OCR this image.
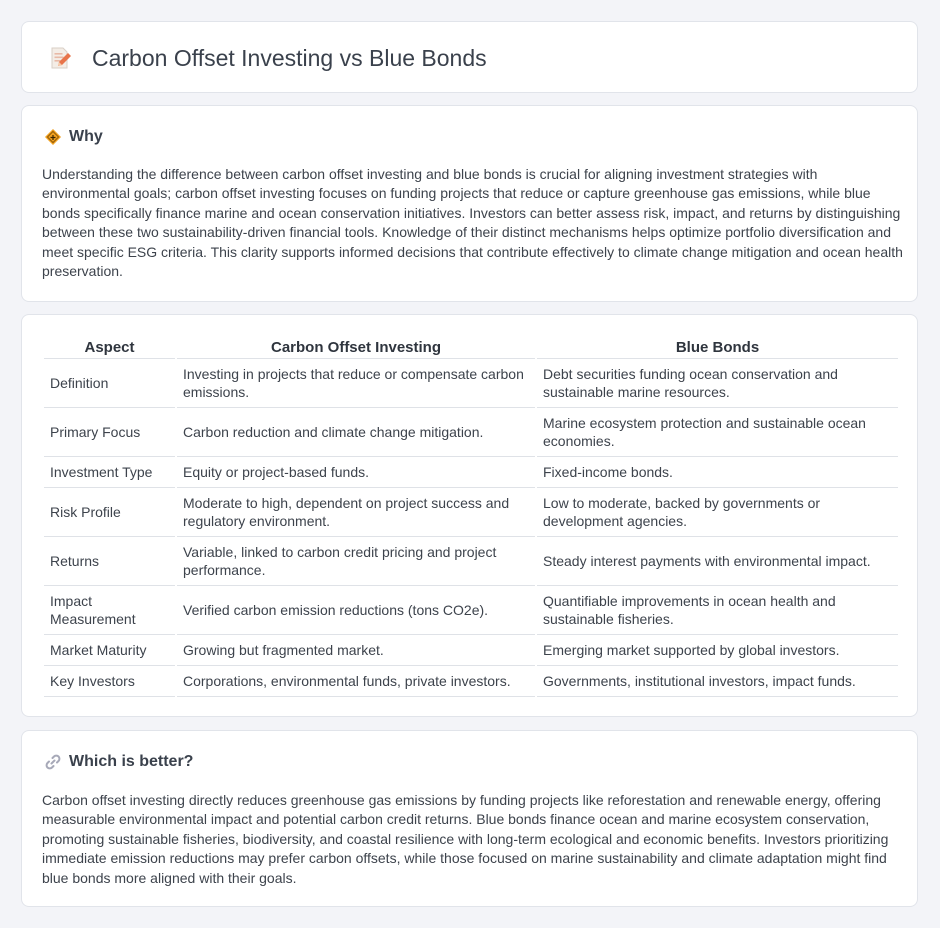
Carbon Offset Investing vs Blue Bonds
Why

Understanding the difference between carbon offset investing and blue bonds is crucial for aligning investment strategies with environmental goals; carbon offset investing focuses on funding projects that reduce or capture greenhouse gas emissions, while blue bonds specifically finance marine and ocean conservation initiatives. Investors can better assess risk, impact, and returns by distinguishing between these two sustainability-driven financial tools. Knowledge of their distinct mechanisms helps optimize portfolio diversification and meet specific ESG criteria. This clarity supports informed decisions that contribute effectively to climate change mitigation and ocean health preservation.

Aspect	Carbon Offset Investing	Blue Bonds
Definition	Investing in projects that reduce or compensate carbon emissions.	Debt securities funding ocean conservation and sustainable marine resources.
Primary Focus	Carbon reduction and climate change mitigation.	Marine ecosystem protection and sustainable ocean economies.
Investment Type	Equity or project-based funds.	Fixed-income bonds.
Risk Profile	Moderate to high, dependent on project success and regulatory environment.	Low to moderate, backed by governments or development agencies.
Returns	Variable, linked to carbon credit pricing and project performance.	Steady interest payments with environmental impact.
Impact Measurement	Verified carbon emission reductions (tons CO2e).	Quantifiable improvements in ocean health and sustainable fisheries.
Market Maturity	Growing but fragmented market.	Emerging market supported by global investors.
Key Investors	Corporations, environmental funds, private investors.	Governments, institutional investors, impact funds.
Which is better?

Carbon offset investing directly reduces greenhouse gas emissions by funding projects like reforestation and renewable energy, offering measurable environmental impact and potential carbon credit returns. Blue bonds finance ocean and marine ecosystem conservation, promoting sustainable fisheries, biodiversity, and coastal resilience with long-term ecological and economic benefits. Investors prioritizing immediate emission reductions may prefer carbon offsets, while those focused on marine sustainability and climate adaptation might find blue bonds more aligned with their goals.
